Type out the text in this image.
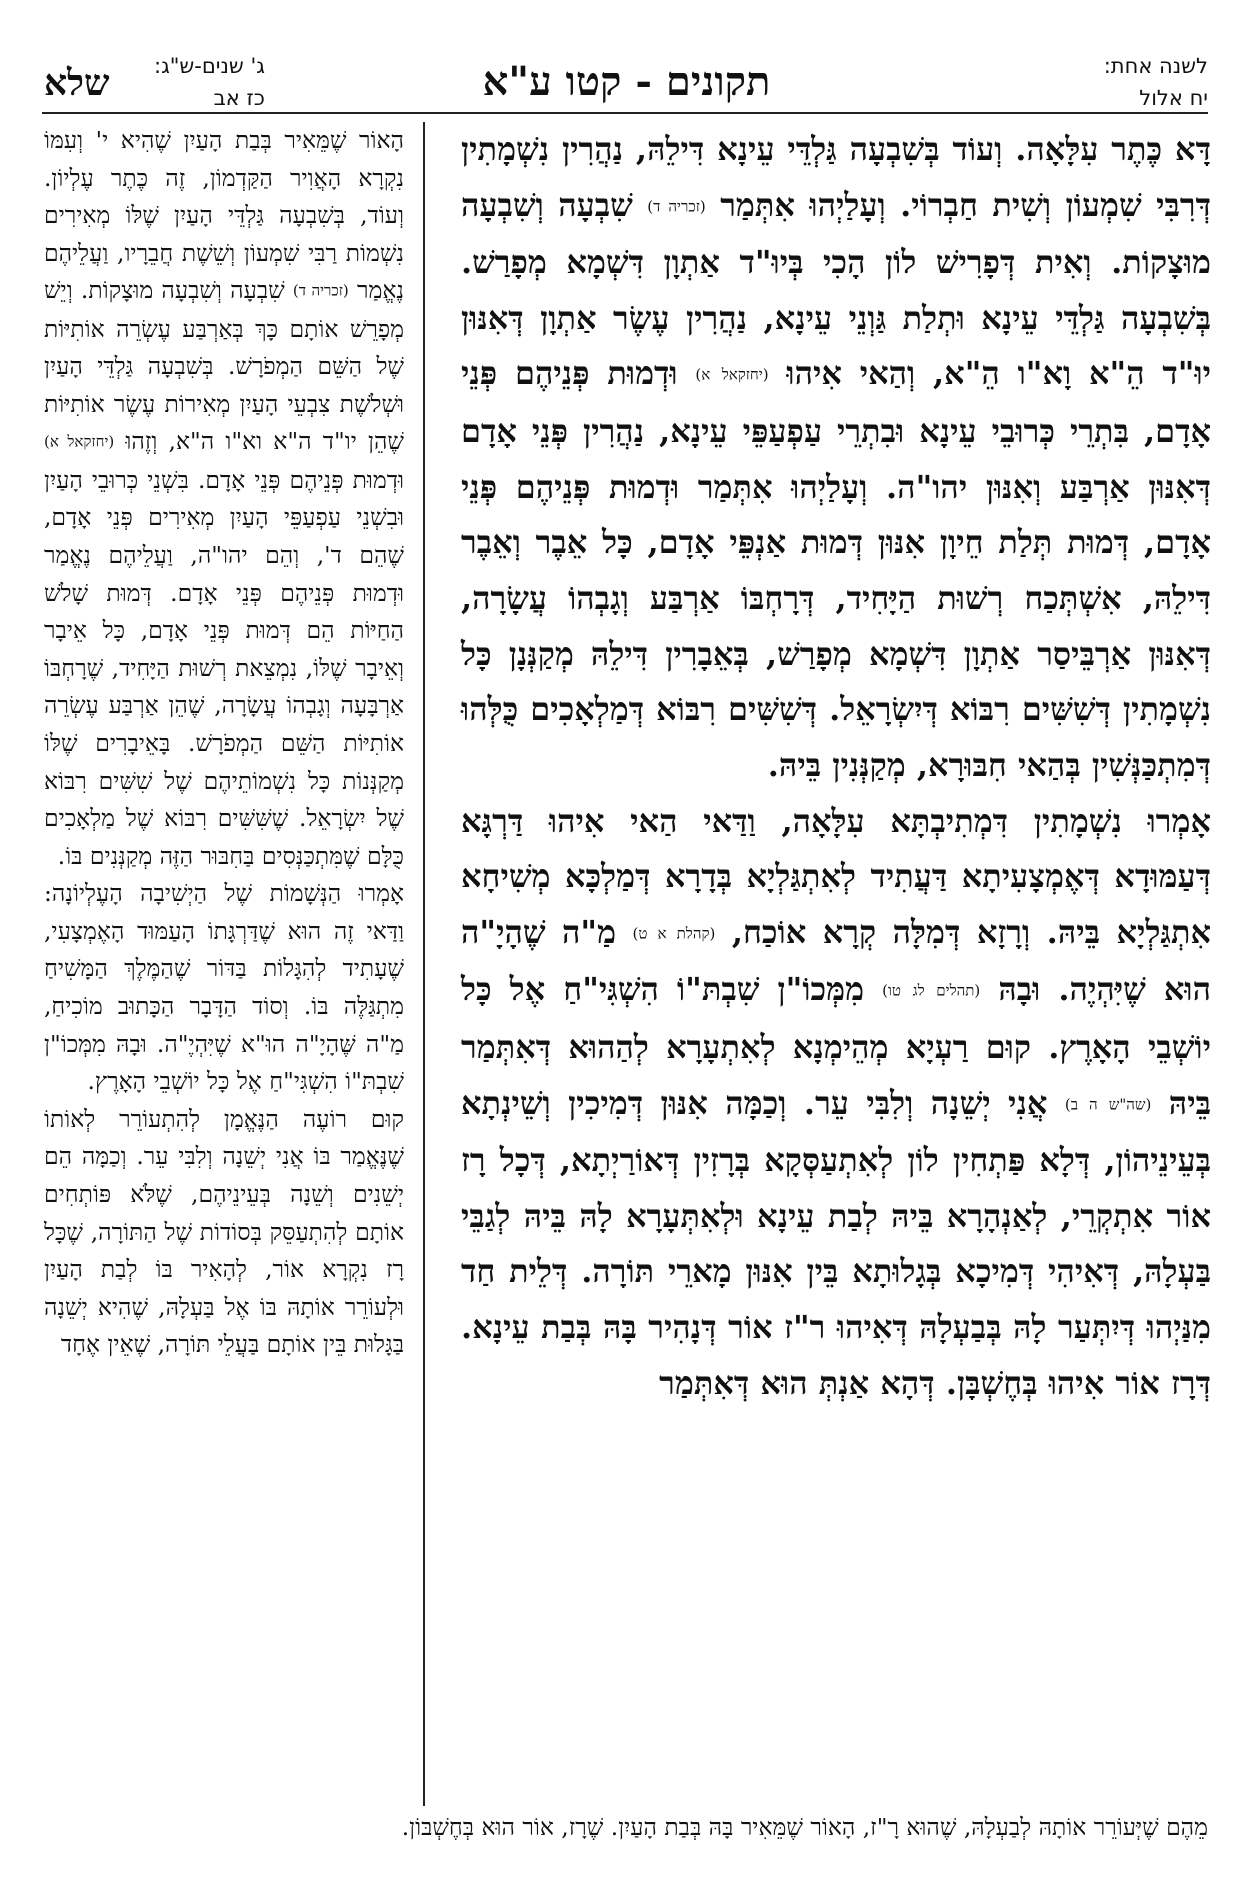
לשנה אחת:
יח אלול
תקונים - קטו ע"א
ג' שנים-ש"ג:
כז אב
שלא

דָּא כֶּתֶר עִלָּאָה. וְעוֹד בְּשִׁבְעָה גַּלְדֵּי עֵינָא דִּילֵהּ, נַהֲרִין נִשְׁמָתִין דְּרִבִּי שִׁמְעוֹן וְשִׁית חַבְרוֹי. וְעָלַיְהוּ אִתְּמַר (זכריה ד) שִׁבְעָה וְשִׁבְעָה מוּצָקוֹת. וְאִית דְּפָרִישׁ לוֹן הָכִי בְּיוּ"ד אַתְוָן דִּשְׁמָא מְפָרַשׁ. בְּשִׁבְעָה גַּלְדֵּי עֵינָא וּתְלַת גַּוְנֵי עֵינָא, נַהֲרִין עֶשֶׂר אַתְוָן דְּאִנּוּן יוּ"ד הֵ"א וָא"ו הֵ"א, וְהַאי אִיהוּ (יחזקאל א) וּדְמוּת פְּנֵיהֶם פְּנֵי אָדָם, בִּתְרֵי כְּרוּבֵי עֵינָא וּבִתְרֵי עַפְעַפֵּי עֵינָא, נַהֲרִין פְּנֵי אָדָם דְּאִנּוּן אַרְבַּע וְאִנּוּן יהו"ה. וְעָלַיְהוּ אִתְּמַר וּדְמוּת פְּנֵיהֶם פְּנֵי אָדָם, דְּמוּת תְּלַת חֵיוָן אִנּוּן דְּמוּת אַנְפֵּי אָדָם, כָּל אֵבֶר וְאֵבֶר דִּילֵהּ, אִשְׁתְּכַח רְשׁוּת הַיָּחִיד, דְּרָחְבּוֹ אַרְבַּע וְגָבְהוֹ עֲשָׂרָה, דְּאִנּוּן אַרְבֵּיסַר אַתְוָן דִּשְׁמָא מְפָרַשׁ, בְּאֵבָרִין דִּילֵהּ מְקַנְּנָן כָּל נִשְׁמָתִין דְּשִׁשִּׁים רִבּוֹא דְּיִשְׂרָאֵל. דְּשִׁשִּׁים רִבּוֹא דְּמַלְאָכִים כֻּלְּהוּ דְּמִתְכַּנְּשִׁין בְּהַאי חִבּוּרָא, מְקַנְּנִין בֵּיהּ.

אָמְרוּ נִשְׁמָתִין דִּמְתִיבְתָּא עִלָּאָה, וַדַּאי הַאי אִיהוּ דַּרְגָּא דְּעַמּוּדָא דְּאֶמְצָעִיתָא דַּעֲתִיד לְאִתְגַּלְיָא בְּדָרָא דְּמַלְכָּא מְשִׁיחָא אִתְגַּלְיָא בֵּיהּ. וְרָזָא דְּמִלָּה קְרָא אוֹכַח, (קהלת א ט) מַ"ה שֶׁהָיָ"ה הוּא שֶׁיִּהְיֶה. וּבָהּ (תהלים לג טו) מִמְּכוֹ"ן שִׁבְתּ"וֹ הִשְׁגִּי"חַ אֶל כָּל יוֹשְׁבֵי הָאָרֶץ. קוּם רַעְיָא מְהֵימְנָא לְאִתְעָרָא לְהַהוּא דְּאִתְּמַר בֵּיהּ (שה"ש ה ב) אֲנִי יְשֵׁנָה וְלִבִּי עֵר. וְכַמָּה אִנּוּן דְּמִיכִין וְשֵׁינְתָא בְּעֵינֵיהוֹן, דְּלָא פַּתְחִין לוֹן לְאִתְעַסְּקָא בְּרָזִין דְּאוֹרַיְתָא, דְּכָל רָז אוֹר אִתְקְרֵי, לְאַנְהָרָא בֵּיהּ לְבַת עֵינָא וּלְאִתְּעָרָא לָהּ בֵּיהּ לְגַבֵּי בַּעְלָהּ, דְּאִיהִי דְּמִיכָא בְּגָלוּתָא בֵּין אִנּוּן מָארֵי תּוֹרָה. דְּלֵית חַד מִנַּיְהוּ דְּיִתְּעַר לָהּ בְּבַעְלָהּ דְּאִיהוּ ר"ז אוֹר דְּנָהִיר בָּהּ בְּבַת עֵינָא. דְּרָז אוֹר אִיהוּ בְּחֶשְׁבָּן. דְּהָא אַנְתְּ הוּא דְּאִתְּמַר

הָאוֹר שֶׁמֵּאִיר בְּבַת הָעַיִן שֶׁהִיא י' וְעִמּוֹ נִקְרָא הָאֲוִיר הַקַּדְמוֹן, זֶה כֶּתֶר עֶלְיוֹן. וְעוֹד, בְּשִׁבְעָה גַּלְדֵּי הָעַיִן שֶׁלּוֹ מְאִירִים נִשְׁמוֹת רַבִּי שִׁמְעוֹן וְשֵׁשֶׁת חֲבֵרָיו, וַעֲלֵיהֶם נֶאֱמַר (זכריה ד) שִׁבְעָה וְשִׁבְעָה מוּצָקוֹת. וְיֵשׁ מְפָרֵשׁ אוֹתָם כָּךְ בְּאַרְבַּע עֶשְׂרֵה אוֹתִיּוֹת שֶׁל הַשֵּׁם הַמְפֹרָשׁ. בְּשִׁבְעָה גַּלְדֵּי הָעַיִן וּשְׁלֹשֶׁת צִבְעֵי הָעַיִן מְאִירוֹת עֶשֶׂר אוֹתִיּוֹת שֶׁהֵן יו"ד ה"א וא"ו ה"א, וְזֶהוּ (יחזקאל א) וּדְמוּת פְּנֵיהֶם פְּנֵי אָדָם. בִּשְׁנֵי כְּרוּבֵי הָעַיִן וּבִשְׁנֵי עַפְעַפֵּי הָעַיִן מְאִירִים פְּנֵי אָדָם, שֶׁהֵם ד', וְהֵם יהו"ה, וַעֲלֵיהֶם נֶאֱמַר וּדְמוּת פְּנֵיהֶם פְּנֵי אָדָם. דְּמוּת שָׁלֹשׁ הַחַיּוֹת הֵם דְּמוּת פְּנֵי אָדָם, כָּל אֵיבָר וְאֵיבָר שֶׁלּוֹ, נִמְצֵאת רְשׁוּת הַיָּחִיד, שֶׁרָחְבּוֹ אַרְבָּעָה וְגָבְהוֹ עֲשָׂרָה, שֶׁהֵן אַרְבַּע עֶשְׂרֵה אוֹתִיּוֹת הַשֵּׁם הַמְפֹרָשׁ. בָּאֵיבָרִים שֶׁלּוֹ מְקַנְּנוֹת כָּל נִשְׁמוֹתֵיהֶם שֶׁל שִׁשִּׁים רִבּוֹא שֶׁל יִשְׂרָאֵל. שֶׁשִּׁשִּׁים רִבּוֹא שֶׁל מַלְאָכִים כֻּלָּם שֶׁמִּתְכַּנְּסִים בַּחִבּוּר הַזֶּה מְקַנְּנִים בּוֹ.

אָמְרוּ הַנְּשָׁמוֹת שֶׁל הַיְשִׁיבָה הָעֶלְיוֹנָה: וַדַּאי זֶה הוּא שֶׁדַּרְגָּתוֹ הָעַמּוּד הָאֶמְצָעִי, שֶׁעָתִיד לְהִגָּלוֹת בַּדּוֹר שֶׁהַמֶּלֶךְ הַמָּשִׁיחַ מִתְגַּלֶּה בּוֹ. וְסוֹד הַדָּבָר הַכָּתוּב מוֹכִיחַ, מַ"ה שֶּׁהָיָ"ה הוּ"א שֶׁיִּהְיֶ"ה. וּבָהּ מִמְּכוֹ"ן שִׁבְתּ"וֹ הִשְׁגִּי"חַ אֶל כָּל יוֹשְׁבֵי הָאָרֶץ.

קוּם רוֹעֶה הַנֶּאֱמָן לְהִתְעוֹרֵר לְאוֹתוֹ שֶׁנֶּאֱמַר בּוֹ אֲנִי יְשֵׁנָה וְלִבִּי עֵר. וְכַמָּה הֵם יְשֵׁנִים וְשֵׁנָה בְּעֵינֵיהֶם, שֶׁלֹּא פּוֹתְחִים אוֹתָם לְהִתְעַסֵּק בְּסוֹדוֹת שֶׁל הַתּוֹרָה, שֶׁכָּל רָז נִקְרָא אוֹר, לְהָאִיר בּוֹ לְבַת הָעַיִן וּלְעוֹרֵר אוֹתָהּ בּוֹ אֶל בַּעְלָהּ, שֶׁהִיא יְשֵׁנָה בַּגָּלוּת בֵּין אוֹתָם בַּעֲלֵי תּוֹרָה, שֶׁאֵין אֶחָד

מֵהֶם שֶׁיְּעוֹרֵר אוֹתָהּ לְבַעְלָהּ, שֶׁהוּא רָ"ז, הָאוֹר שֶׁמֵּאִיר בָּהּ בְּבַת הָעַיִן. שֶׁרָז, אוֹר הוּא בְּחֶשְׁבּוֹן.
